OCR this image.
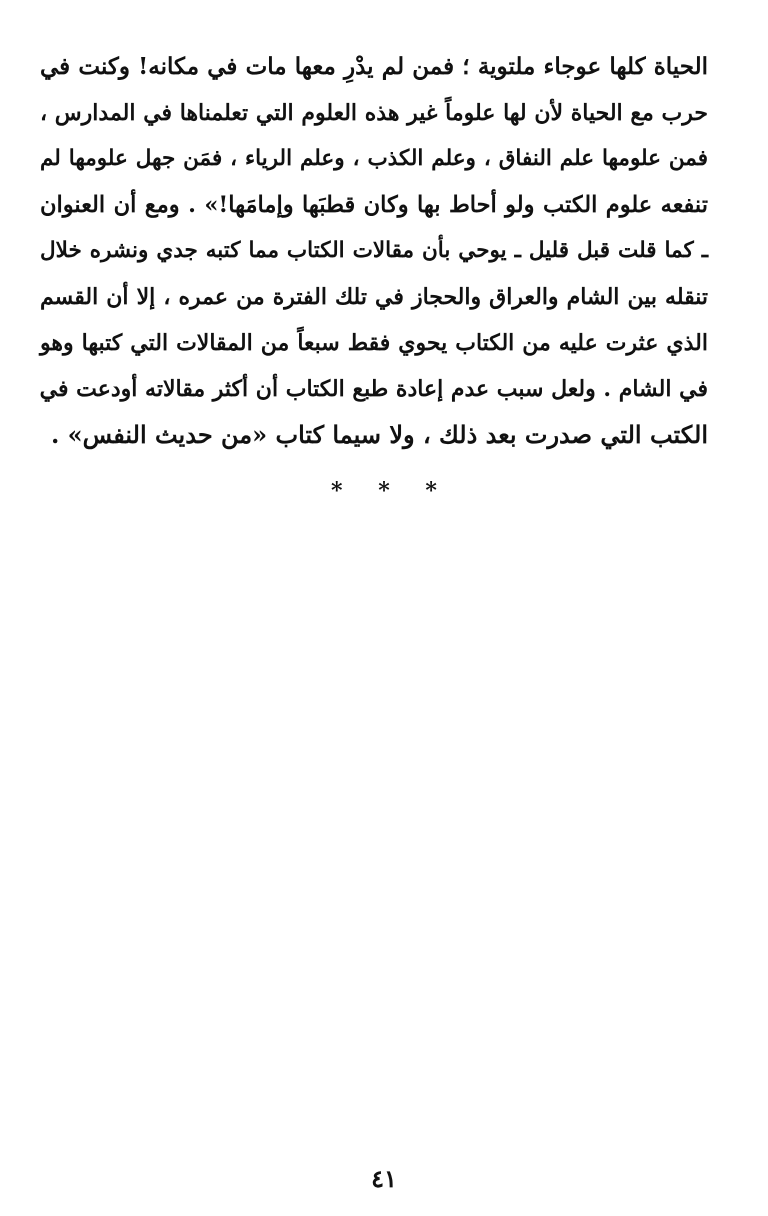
الحياة كلها عوجاء ملتوية ؛ فمن لم يدْرِ معها مات في مكانه! وكنت في
حرب مع الحياة لأن لها علوماً غير هذه العلوم التي تعلمناها في المدارس ،
فمن علومها علم النفاق ، وعلم الكذب ، وعلم الرياء ، فمَن جهل علومها لم
تنفعه علوم الكتب ولو أحاط بها وكان قطبَها وإمامَها!» . ومع أن العنوان
ـ كما قلت قبل قليل ـ يوحي بأن مقالات الكتاب مما كتبه جدي ونشره خلال
تنقله بين الشام والعراق والحجاز في تلك الفترة من عمره ، إلا أن القسم
الذي عثرت عليه من الكتاب يحوي فقط سبعاً من المقالات التي كتبها وهو
في الشام . ولعل سبب عدم إعادة طبع الكتاب أن أكثر مقالاته أودعت في
الكتب التي صدرت بعد ذلك ، ولا سيما كتاب «من حديث النفس» .
* * *
٤١
